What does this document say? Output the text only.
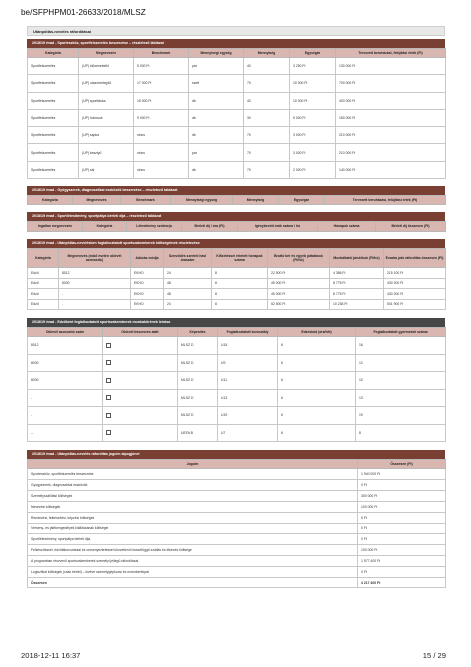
be/SFPHPM01-26633/2018/MLSZ
Utánpótlás-nevelés ráfordításai
2018/19 évad - Sporteszköz, sportfelszerelés beszerzése – részletező táblázat
Kategória	Megnevezés	Benchmark	Mennyiségi egység	Mennyiség	Egységár	Tervezett beruházási, felújítási érték (Ft)
Sportfelszerelés	(UP) időzenebellő	5 000 Ft	pár	40	3 250 Ft	130 000 Ft
Sportfelszerelés	(UP) utazómelegítő	17 000 Ft	szett	70	10 000 Ft	700 000 Ft
Sportfelszerelés	(UP) sporttáska	15 000 Ft	db	40	10 000 Ft	400 000 Ft
Sportfelszerelés	(UP) futócsuk	9 000 Ft	db	30	5 000 Ft	150 000 Ft
Sportfelszerelés	(UP) sapka	nincs	db	70	3 000 Ft	210 000 Ft
Sportfelszerelés	(UP) kesztyű	nincs	pár	70	3 000 Ft	210 000 Ft
Sportfelszerelés	(UP) sál	nincs	db	70	2 000 Ft	140 000 Ft
2018/19 évad - Gyógyszerek, diagnosztikai eszközök beszerzése – részletező táblázat
Kategória	Megnevezés	Benchmark	Mennyiségi egység	Mennyiség	Egységár	Tervezett beruházási, felújítási érték (Ft)
2018/19 évad - Sportlétesítmény, sportpálya bérleti díja – részletező táblázat
Ingatlan megnevezés	Kategória	Létesítmény szektorja	Bérleti díj / óra (Ft)	Igénybevett órák száma / hó	Hónapok száma	Bérleti díj összesen (Ft)
2018/19 évad - Utánpótlás-nevelésben foglalkoztatott sportszakemberek költségeinek részletezése
Kategória	Megnevezés (edző esetén oklevél azonosító)	Adózás módja	Szerződés szerinti havi óraszám	Kifizetéssel érintett hónapok száma	Bruttó bér és egyéb juttatások (Ft/hó)	Munkáltatói járulékok (Ft/hó)	Évadra jutó ráfordítás összesen (Ft)
Edző	8012	EKHO	24	8	22 500 Ft	4 386 Ft	215 100 Ft
Edző	8030	EKHO	48	8	45 000 Ft	8 775 Ft	430 200 Ft
Edző	-	EKHO	48	8	45 000 Ft	8 775 Ft	430 200 Ft
Edző	-	EKHO	24	8	52 500 Ft	10 238 Ft	501 900 Ft
2018/19 évad - Edzőként foglalkoztatott sportszakemberek munkakörének leírása
Oklevél azonosító szám	Oklevél beszerzés alatt	Képesítés	Foglalkoztatott korosztály	Edzéskód (óra/hét)	Foglalkoztatott gyermekek száma
8012		MLSZ D	U15	6	16
8030		MLSZ D	U9	6	12
8030		MLSZ D	U11	6	10
-		MLSZ D	U13	6	13
-		MLSZ D	U19	6	19
--		UEFA B	U7	6	8
2018/19 évad - Utánpótlás-nevelés ráfordítás jogcím alpogjónei
Jogcím	Összesen (Ft)
Sporteszköz, sportfelszerelés beszerzése	1 940 000 Ft
Gyógyszerek, diagnosztikai eszközök	0 Ft
Személyszállítási költségek	300 000 Ft
Nevezési költségek	100 000 Ft
Rendezési, felkészítési, képzési költségek	0 Ft
Verseny- és játékengedélyek kiállításának költségei	0 Ft
Sportlétesítmény, sportpálya bérleti díja	0 Ft
Felkészítéssel, edzőtáborozással és versenyeztetéssel közvetlenül összefüggő szállás és étkezés költsége	100 000 Ft
A programban részvevő sportszakemberek személyi jellegű ráfordításai	1 577 400 Ft
Logisztikai költségek (csak bérlet) – kivéve személygépkocsi és motorkerékpár	0 Ft
Összesen	4 217 400 Ft
2018-12-11 16:37	15 / 29
